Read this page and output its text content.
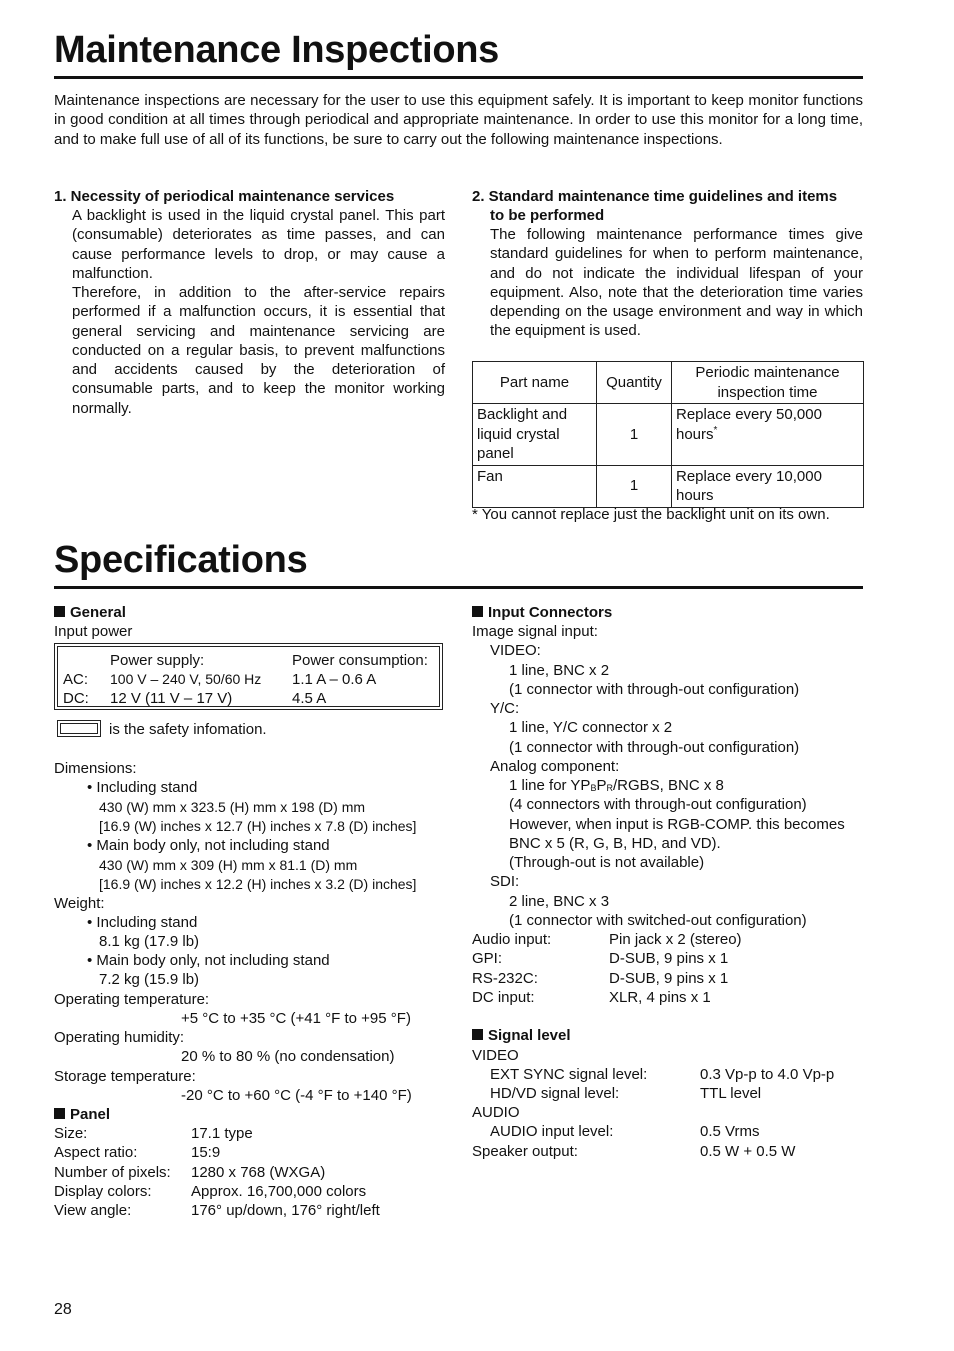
Maintenance Inspections
Maintenance inspections are necessary for the user to use this equipment safely. It is important to keep monitor functions in good condition at all times through periodical and appropriate maintenance. In order to use this monitor for a long time, and to make full use of all of its functions, be sure to carry out the following maintenance inspections.
1. Necessity of periodical maintenance services
A backlight is used in the liquid crystal panel. This part (consumable) deteriorates as time passes, and can cause performance levels to drop, or may cause a malfunction.
Therefore, in addition to the after-service repairs performed if a malfunction occurs, it is essential that general servicing and maintenance servicing are conducted on a regular basis, to prevent malfunctions and accidents caused by the deterioration of consumable parts, and to keep the monitor working normally.
2. Standard maintenance time guidelines and items
to be performed
The following maintenance performance times give standard guidelines for when to perform maintenance, and do not indicate the individual lifespan of your equipment. Also, note that the deterioration time varies depending on the usage environment and way in which the equipment is used.
Part name	Quantity	Periodic maintenance inspection time
Backlight and liquid crystal panel	1	Replace every 50,000 hours*
Fan	1	Replace every 10,000 hours
* You cannot replace just the backlight unit on its own.
Specifications
General
Input power
Power supply:	Power consumption:
AC: 100 V – 240 V, 50/60 Hz 1.1 A – 0.6 A
DC: 12 V (11 V – 17 V)	4.5 A
is the safety infomation.
Dimensions:
• Including stand
430 (W) mm x 323.5 (H) mm x 198 (D) mm
[16.9 (W) inches x 12.7 (H) inches x 7.8 (D) inches]
• Main body only, not including stand
430 (W) mm x 309 (H) mm x 81.1 (D) mm
[16.9 (W) inches x 12.2 (H) inches x 3.2 (D) inches]
Weight:
• Including stand
8.1 kg (17.9 lb)
• Main body only, not including stand
7.2 kg (15.9 lb)
Operating temperature:
+5 °C to +35 °C (+41 °F to +95 °F)
Operating humidity:
20 % to 80 % (no condensation)
Storage temperature:
-20 °C to +60 °C (-4 °F to +140 °F)
Panel
Size:	17.1 type
Aspect ratio:	15:9
Number of pixels: 1280 x 768 (WXGA)
Display colors:	Approx. 16,700,000 colors
View angle:	176° up/down, 176° right/left
Input Connectors
Image signal input:
VIDEO:
1 line, BNC x 2
(1 connector with through-out configuration)
Y/C:
1 line, Y/C connector x 2
(1 connector with through-out configuration)
Analog component:
1 line for $YP_BP_R$/RGBS, BNC x 8
(4 connectors with through-out configuration)
However, when input is RGB-COMP. this becomes
BNC x 5 (R, G, B, HD, and VD).
(Through-out is not available)
SDI:
2 line, BNC x 3
(1 connector with switched-out configuration)
Audio input:	Pin jack x 2 (stereo)
GPI:	D-SUB, 9 pins x 1
RS-232C:	D-SUB, 9 pins x 1
DC input:	XLR, 4 pins x 1
Signal level
VIDEO
EXT SYNC signal level:	0.3 Vp-p to 4.0 Vp-p
HD/VD signal level:	TTL level
AUDIO
AUDIO input level:	0.5 Vrms
Speaker output:	0.5 W + 0.5 W
28
